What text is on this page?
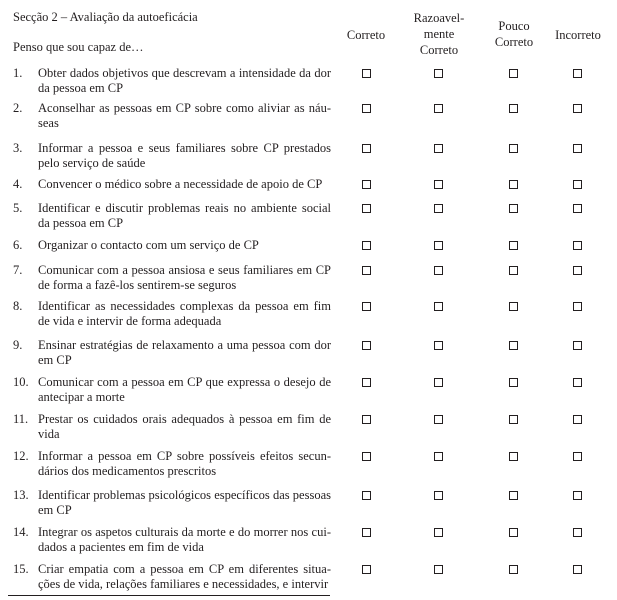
Secção 2 – Avaliação da autoeficácia
Penso que sou capaz de…
Correto
Razoavel-
mente
Correto
Pouco
Correto	Incorreto
1. Obter dados objetivos que descrevam a intensidade da dor da pessoa em CP
2. Aconselhar as pessoas em CP sobre como aliviar as náuseas
3. Informar a pessoa e seus familiares sobre CP prestados pelo serviço de saúde
4. Convencer o médico sobre a necessidade de apoio de CP
5. Identificar e discutir problemas reais no ambiente social da pessoa em CP
6. Organizar o contacto com um serviço de CP
7. Comunicar com a pessoa ansiosa e seus familiares em CP de forma a fazê-los sentirem-se seguros
8. Identificar as necessidades complexas da pessoa em fim de vida e intervir de forma adequada
9. Ensinar estratégias de relaxamento a uma pessoa com dor em CP
10. Comunicar com a pessoa em CP que expressa o desejo de antecipar a morte
11. Prestar os cuidados orais adequados à pessoa em fim de vida
12. Informar a pessoa em CP sobre possíveis efeitos secundários dos medicamentos prescritos
13. Identificar problemas psicológicos específicos das pessoas em CP
14. Integrar os aspetos culturais da morte e do morrer nos cuidados a pacientes em fim de vida
15. Criar empatia com a pessoa em CP em diferentes situações de vida, relações familiares e necessidades, e intervir
